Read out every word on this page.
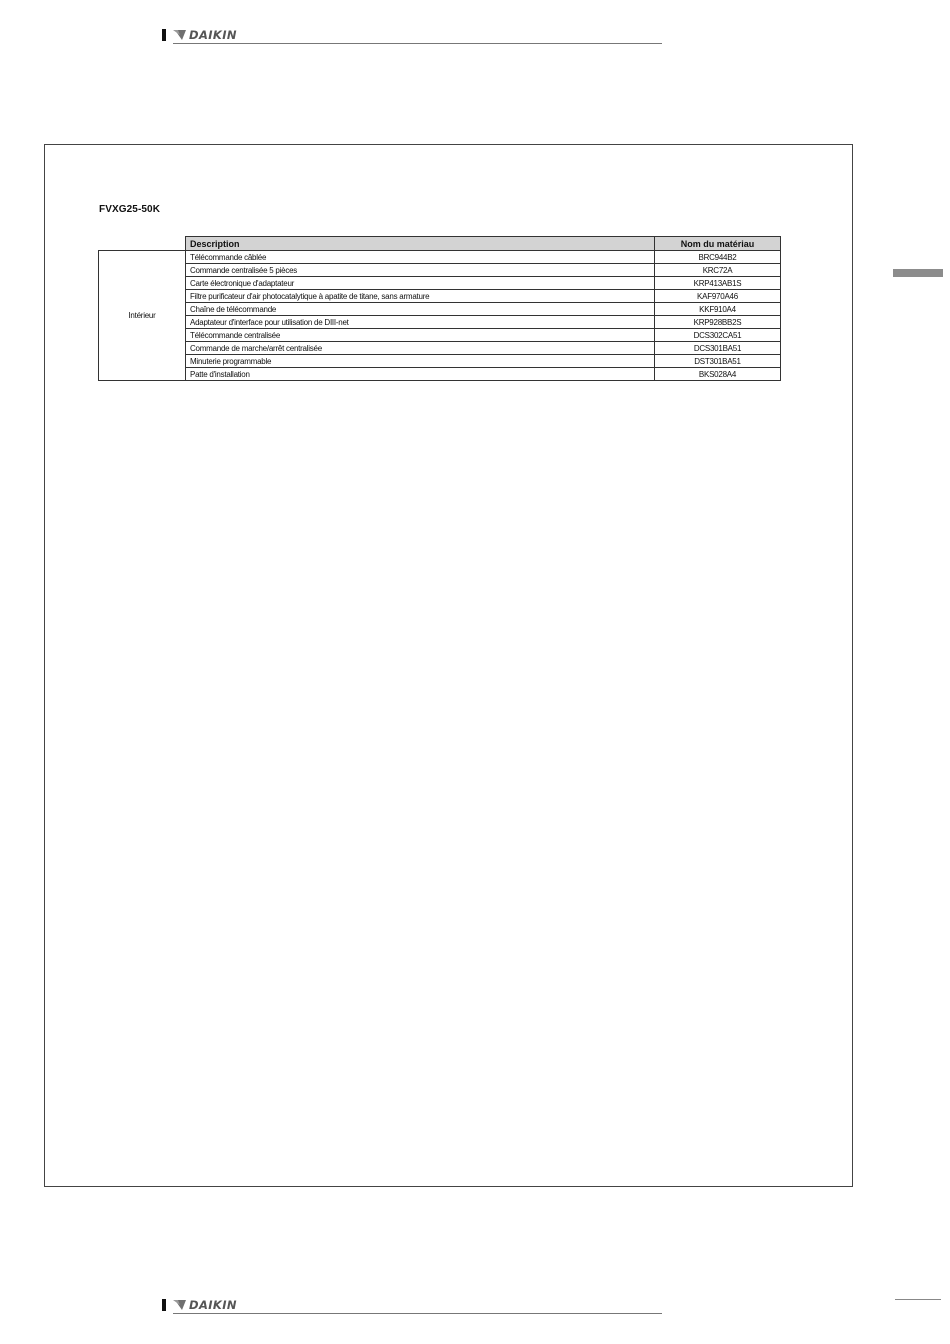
DAIKIN
FVXG25-50K
	Description	Nom du matériau
Intérieur	Télécommande câblée	BRC944B2
	Commande centralisée 5 pièces	KRC72A
	Carte électronique d'adaptateur	KRP413AB1S
	Filtre purificateur d'air photocatalytique à apatite de titane, sans armature	KAF970A46
	Chaîne de télécommande	KKF910A4
	Adaptateur d'interface pour utilisation de DIII-net	KRP928BB2S
	Télécommande centralisée	DCS302CA51
	Commande de marche/arrêt centralisée	DCS301BA51
	Minuterie programmable	DST301BA51
	Patte d'installation	BKS028A4
DAIKIN
